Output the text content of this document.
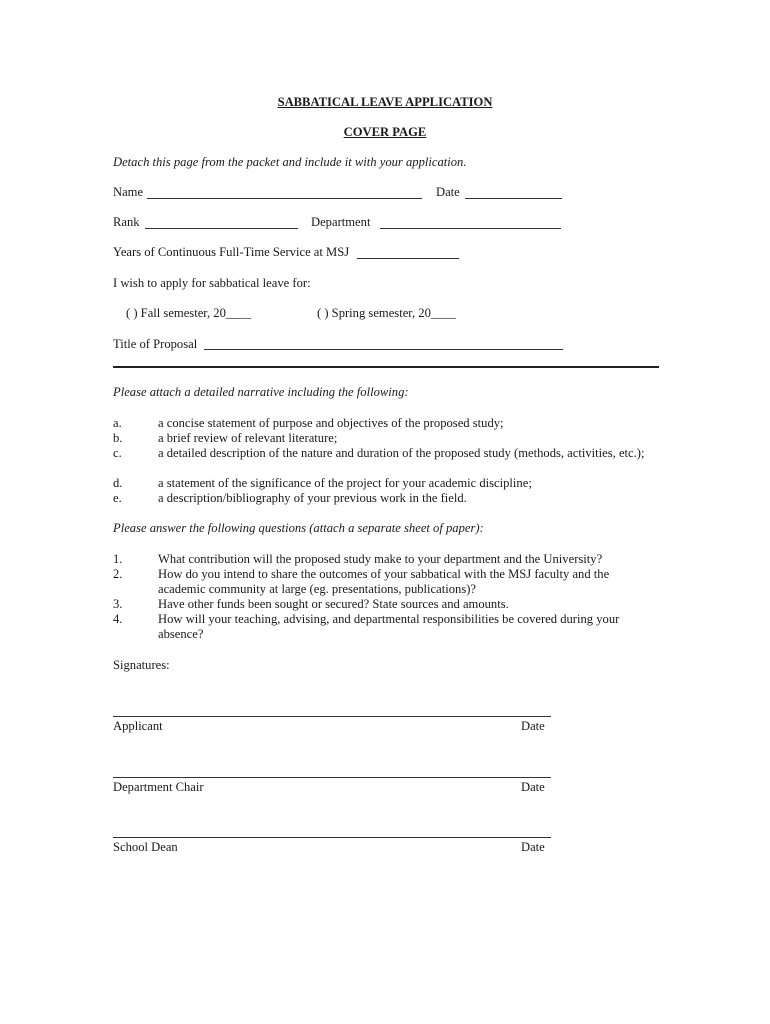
SABBATICAL LEAVE APPLICATION
COVER PAGE
Detach this page from the packet and include it with your application.
Name	Date
Rank	Department
Years of Continuous Full-Time Service at MSJ
I wish to apply for sabbatical leave for:
( ) Fall semester, 20____	( ) Spring semester, 20____
Title of Proposal
Please attach a detailed narrative including the following:
a.	a concise statement of purpose and objectives of the proposed study;
b.	a brief review of relevant literature;
c.	a detailed description of the nature and duration of the proposed study (methods, activities, etc.);
d.	a statement of the significance of the project for your academic discipline;
e.	a description/bibliography of your previous work in the field.
Please answer the following questions (attach a separate sheet of paper):
1.	What contribution will the proposed study make to your department and the University?
2.	How do you intend to share the outcomes of your sabbatical with the MSJ faculty and the academic community at large (eg. presentations, publications)?
3.	Have other funds been sought or secured? State sources and amounts.
4.	How will your teaching, advising, and departmental responsibilities be covered during your absence?
Signatures:
Applicant	Date
Department Chair	Date
School Dean	Date
